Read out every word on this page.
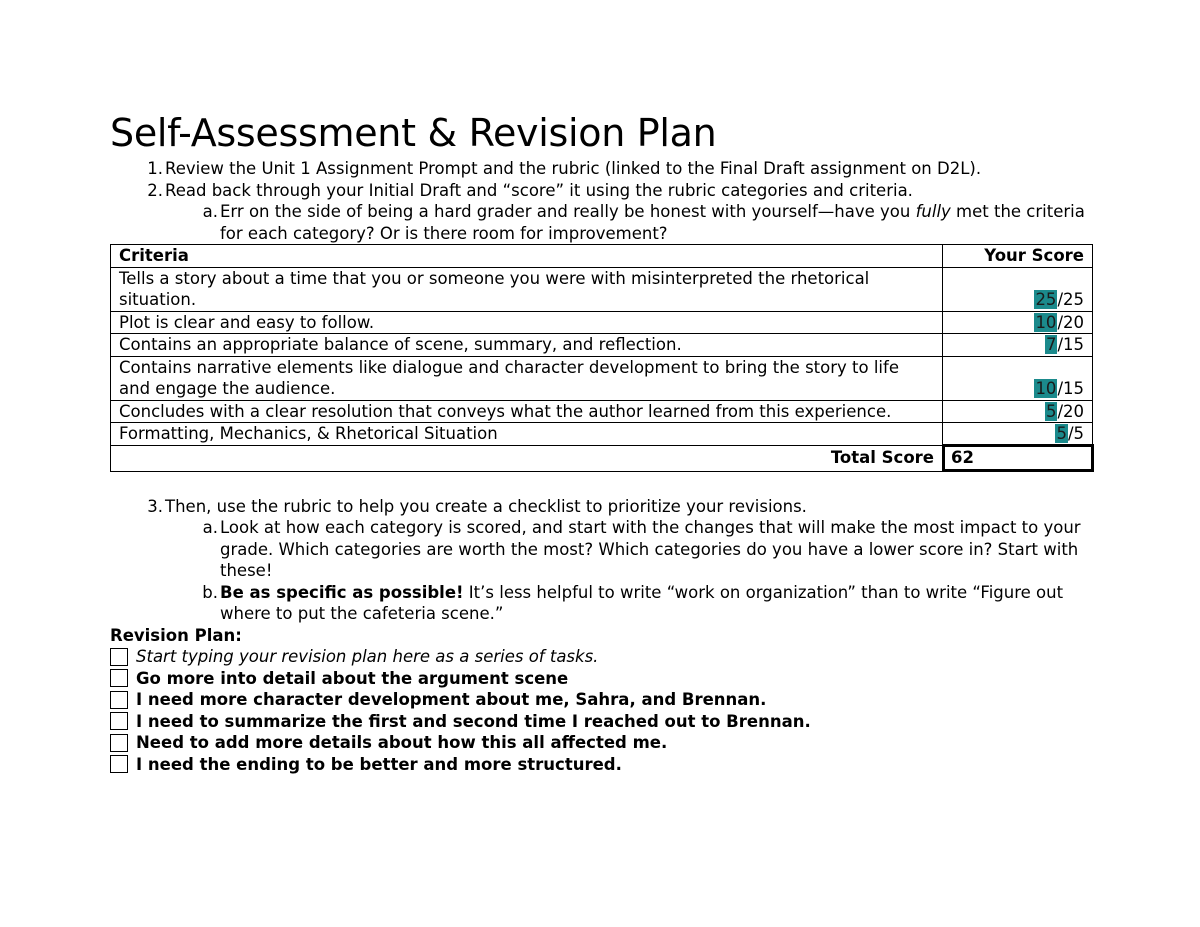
Self-Assessment & Revision Plan
1. Review the Unit 1 Assignment Prompt and the rubric (linked to the Final Draft assignment on D2L).
2. Read back through your Initial Draft and “score” it using the rubric categories and criteria.
a. Err on the side of being a hard grader and really be honest with yourself—have you fully met the criteria for each category? Or is there room for improvement?
Criteria	Your Score
Tells a story about a time that you or someone you were with misinterpreted the rhetorical situation.	25/25
Plot is clear and easy to follow.	10/20
Contains an appropriate balance of scene, summary, and reflection.	7/15
Contains narrative elements like dialogue and character development to bring the story to life and engage the audience.	10/15
Concludes with a clear resolution that conveys what the author learned from this experience.	5/20
Formatting, Mechanics, & Rhetorical Situation	5/5
Total Score	62
3. Then, use the rubric to help you create a checklist to prioritize your revisions.
a. Look at how each category is scored, and start with the changes that will make the most impact to your grade. Which categories are worth the most? Which categories do you have a lower score in? Start with these!
b. Be as specific as possible! It’s less helpful to write “work on organization” than to write “Figure out where to put the cafeteria scene.”
Revision Plan:
Start typing your revision plan here as a series of tasks.
Go more into detail about the argument scene
I need more character development about me, Sahra, and Brennan.
I need to summarize the first and second time I reached out to Brennan.
Need to add more details about how this all affected me.
I need the ending to be better and more structured.
